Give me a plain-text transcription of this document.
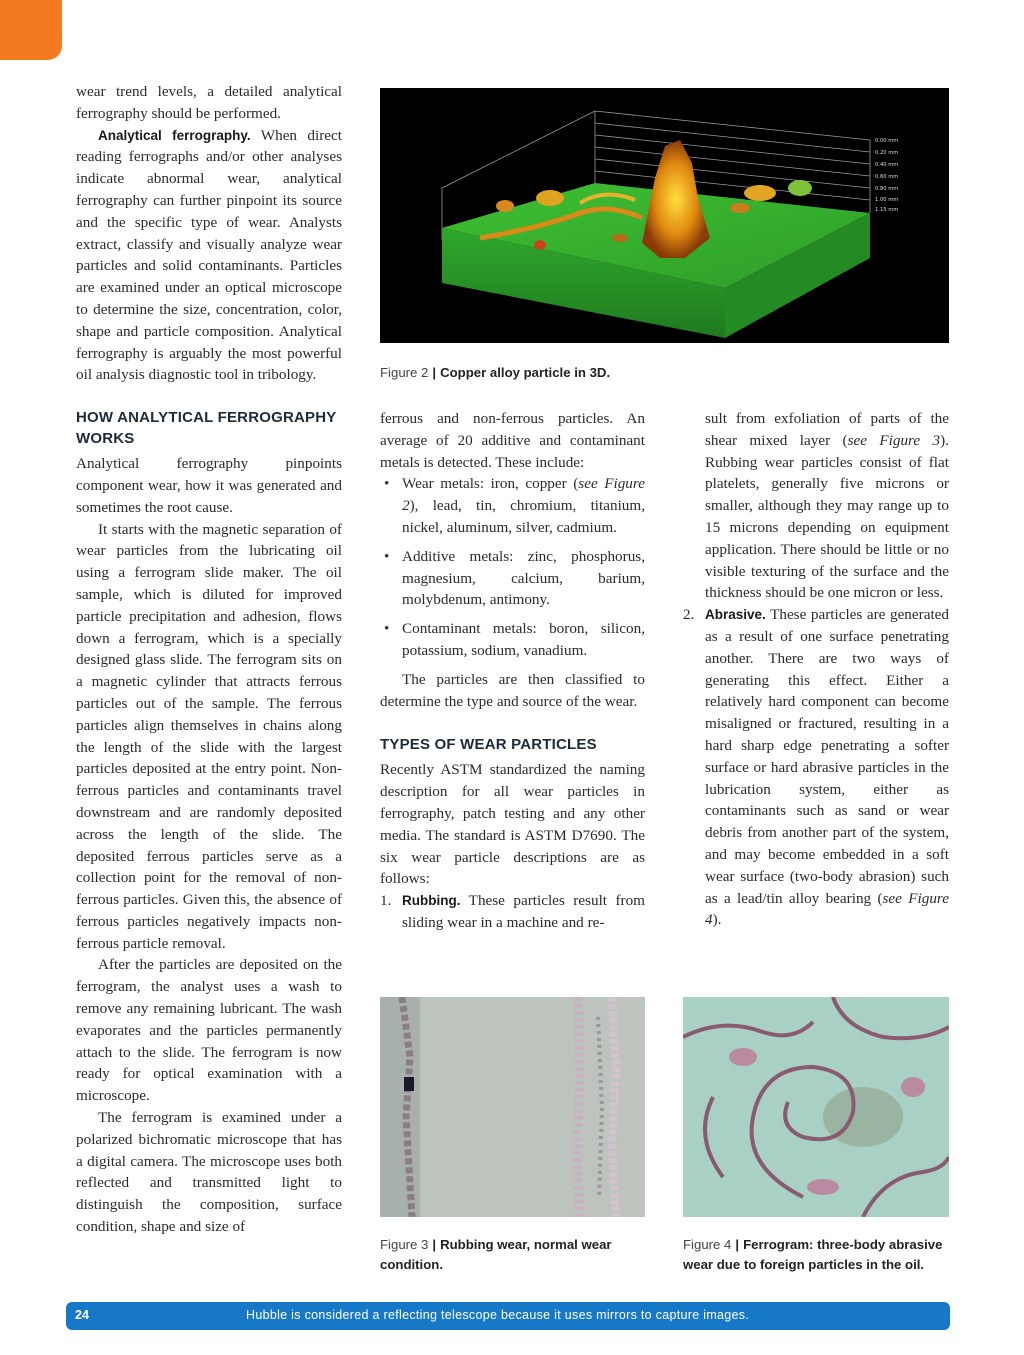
wear trend levels, a detailed analytical ferrography should be performed.

Analytical ferrography. When direct reading ferrographs and/or other analyses indicate abnormal wear, analytical ferrography can further pinpoint its source and the specific type of wear. Analysts extract, classify and visually analyze wear particles and solid contaminants. Particles are examined under an optical microscope to determine the size, concentration, color, shape and particle composition. Analytical ferrography is arguably the most powerful oil analysis diagnostic tool in tribology.

HOW ANALYTICAL FERROGRAPHY WORKS

Analytical ferrography pinpoints component wear, how it was generated and sometimes the root cause.

It starts with the magnetic separation of wear particles from the lubricating oil using a ferrogram slide maker. The oil sample, which is diluted for improved particle precipitation and adhesion, flows down a ferrogram, which is a specially designed glass slide. The ferrogram sits on a magnetic cylinder that attracts ferrous particles out of the sample. The ferrous particles align themselves in chains along the length of the slide with the largest particles deposited at the entry point. Non-ferrous particles and contaminants travel downstream and are randomly deposited across the length of the slide. The deposited ferrous particles serve as a collection point for the removal of non-ferrous particles. Given this, the absence of ferrous particles negatively impacts non-ferrous particle removal.

After the particles are deposited on the ferrogram, the analyst uses a wash to remove any remaining lubricant. The wash evaporates and the particles permanently attach to the slide. The ferrogram is now ready for optical examination with a microscope.

The ferrogram is examined under a polarized bichromatic microscope that has a digital camera. The microscope uses both reflected and transmitted light to distinguish the composition, surface condition, shape and size of

0.00 mm
0.20 mm
0.40 mm
0.60 mm
0.80 mm
1.00 mm
1.15 mm
Figure 2 | Copper alloy particle in 3D.

ferrous and non-ferrous particles. An average of 20 additive and contaminant metals is detected. These include:

• Wear metals: iron, copper (see Figure 2), lead, tin, chromium, titanium, nickel, aluminum, silver, cadmium.
• Additive metals: zinc, phosphorus, magnesium, calcium, barium, molybdenum, antimony.
• Contaminant metals: boron, silicon, potassium, sodium, vanadium.

The particles are then classified to determine the type and source of the wear.

TYPES OF WEAR PARTICLES

Recently ASTM standardized the naming description for all wear particles in ferrography, patch testing and any other media. The standard is ASTM D7690. The six wear particle descriptions are as follows:

1. Rubbing. These particles result from sliding wear in a machine and re-

sult from exfoliation of parts of the shear mixed layer (see Figure 3). Rubbing wear particles consist of flat platelets, generally five microns or smaller, although they may range up to 15 microns depending on equipment application. There should be little or no visible texturing of the surface and the thickness should be one micron or less.

2. Abrasive. These particles are generated as a result of one surface penetrating another. There are two ways of generating this effect. Either a relatively hard component can become misaligned or fractured, resulting in a hard sharp edge penetrating a softer surface or hard abrasive particles in the lubrication system, either as contaminants such as sand or wear debris from another part of the system, and may become embedded in a soft wear surface (two-body abrasion) such as a lead/tin alloy bearing (see Figure 4).
Figure 3 | Rubbing wear, normal wear condition.
Figure 4 | Ferrogram: three-body abrasive wear due to foreign particles in the oil.
24	Hubble is considered a reflecting telescope because it uses mirrors to capture images.
